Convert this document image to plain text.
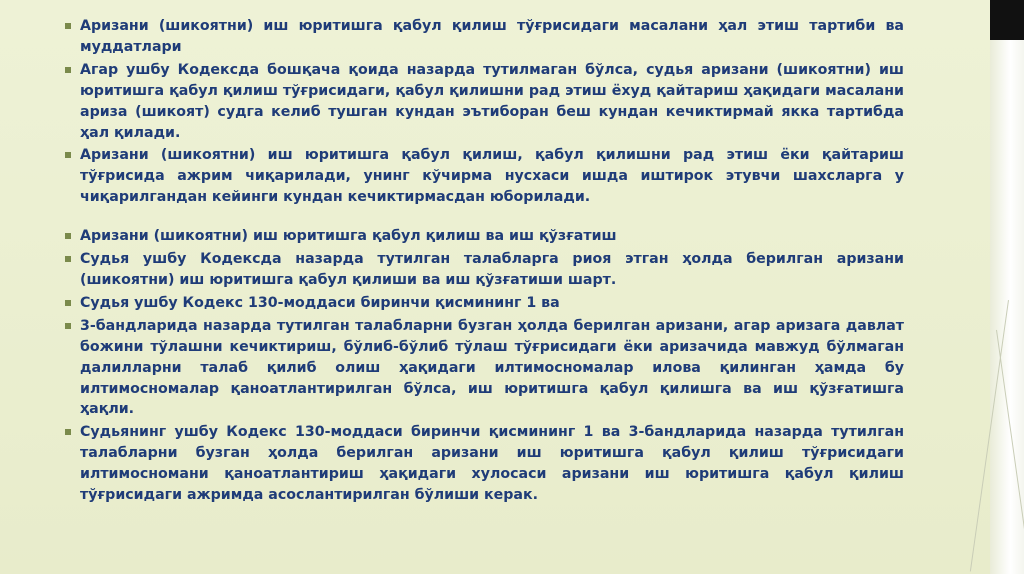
Аризани (шикоятни) иш юритишга қабул қилиш тўғрисидаги масалани ҳал этиш тартиби ва муддатлари
Агар ушбу Кодексда бошқача қоида назарда тутилмаган бўлса, судья аризани (шикоятни) иш юритишга қабул қилиш тўғрисидаги, қабул қилишни рад этиш ёхуд қайтариш ҳақидаги масалани ариза (шикоят) судга келиб тушган кундан эътиборан беш кундан кечиктирмай якка тартибда ҳал қилади.
Аризани (шикоятни) иш юритишга қабул қилиш, қабул қилишни рад этиш ёки қайтариш тўғрисида ажрим чиқарилади, унинг кўчирма нусхаси ишда иштирок этувчи шахсларга у чиқарилгандан кейинги кундан кечиктирмасдан юборилади.
Аризани (шикоятни) иш юритишга қабул қилиш ва иш қўзғатиш
Судья ушбу Кодексда назарда тутилган талабларга риоя этган ҳолда берилган аризани (шикоятни) иш юритишга қабул қилиши ва иш қўзғатиши шарт.
Судья ушбу Кодекс 130-моддаси биринчи қисмининг 1 ва
3-бандларида назарда тутилган талабларни бузган ҳолда берилган аризани, агар аризага давлат божини тўлашни кечиктириш, бўлиб-бўлиб тўлаш тўғрисидаги ёки аризачида мавжуд бўлмаган далилларни талаб қилиб олиш ҳақидаги илтимосномалар илова қилинган ҳамда бу илтимосномалар қаноатлантирилган бўлса, иш юритишга қабул қилишга ва иш қўзғатишга ҳақли.
Судьянинг ушбу Кодекс 130-моддаси биринчи қисмининг 1 ва 3-бандларида назарда тутилган талабларни бузган ҳолда берилган аризани иш юритишга қабул қилиш тўғрисидаги илтимосномани қаноатлантириш ҳақидаги хулосаси аризани иш юритишга қабул қилиш тўғрисидаги ажримда асослантирилган бўлиши керак.
